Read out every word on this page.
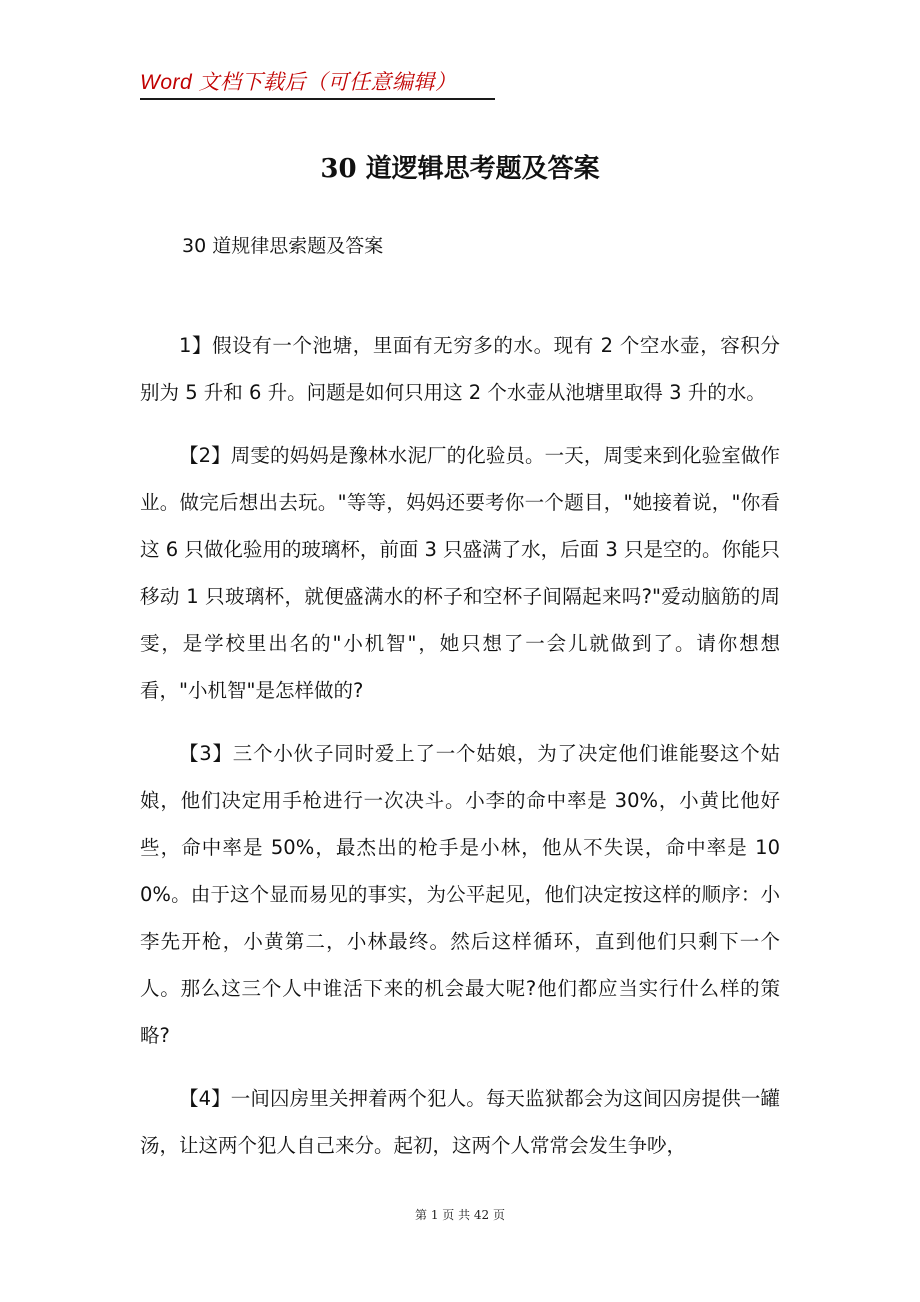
Word 文档下载后（可任意编辑）
30 道逻辑思考题及答案
30 道规律思索题及答案

1】假设有一个池塘，里面有无穷多的水。现有 2 个空水壶，容积分别为 5 升和 6 升。问题是如何只用这 2 个水壶从池塘里取得 3 升的水。

【2】周雯的妈妈是豫林水泥厂的化验员。一天，周雯来到化验室做作业。做完后想出去玩。"等等，妈妈还要考你一个题目，"她接着说，"你看这 6 只做化验用的玻璃杯，前面 3 只盛满了水，后面 3 只是空的。你能只移动 1 只玻璃杯，就便盛满水的杯子和空杯子间隔起来吗?"爱动脑筋的周雯，是学校里出名的"小机智"，她只想了一会儿就做到了。请你想想看，"小机智"是怎样做的?

【3】三个小伙子同时爱上了一个姑娘，为了决定他们谁能娶这个姑娘，他们决定用手枪进行一次决斗。小李的命中率是 30%，小黄比他好些，命中率是 50%，最杰出的枪手是小林，他从不失误，命中率是 100%。由于这个显而易见的事实，为公平起见，他们决定按这样的顺序：小李先开枪，小黄第二，小林最终。然后这样循环，直到他们只剩下一个人。那么这三个人中谁活下来的机会最大呢?他们都应当实行什么样的策略?

【4】一间囚房里关押着两个犯人。每天监狱都会为这间囚房提供一罐汤，让这两个犯人自己来分。起初，这两个人常常会发生争吵，

第 1 页 共 42 页
